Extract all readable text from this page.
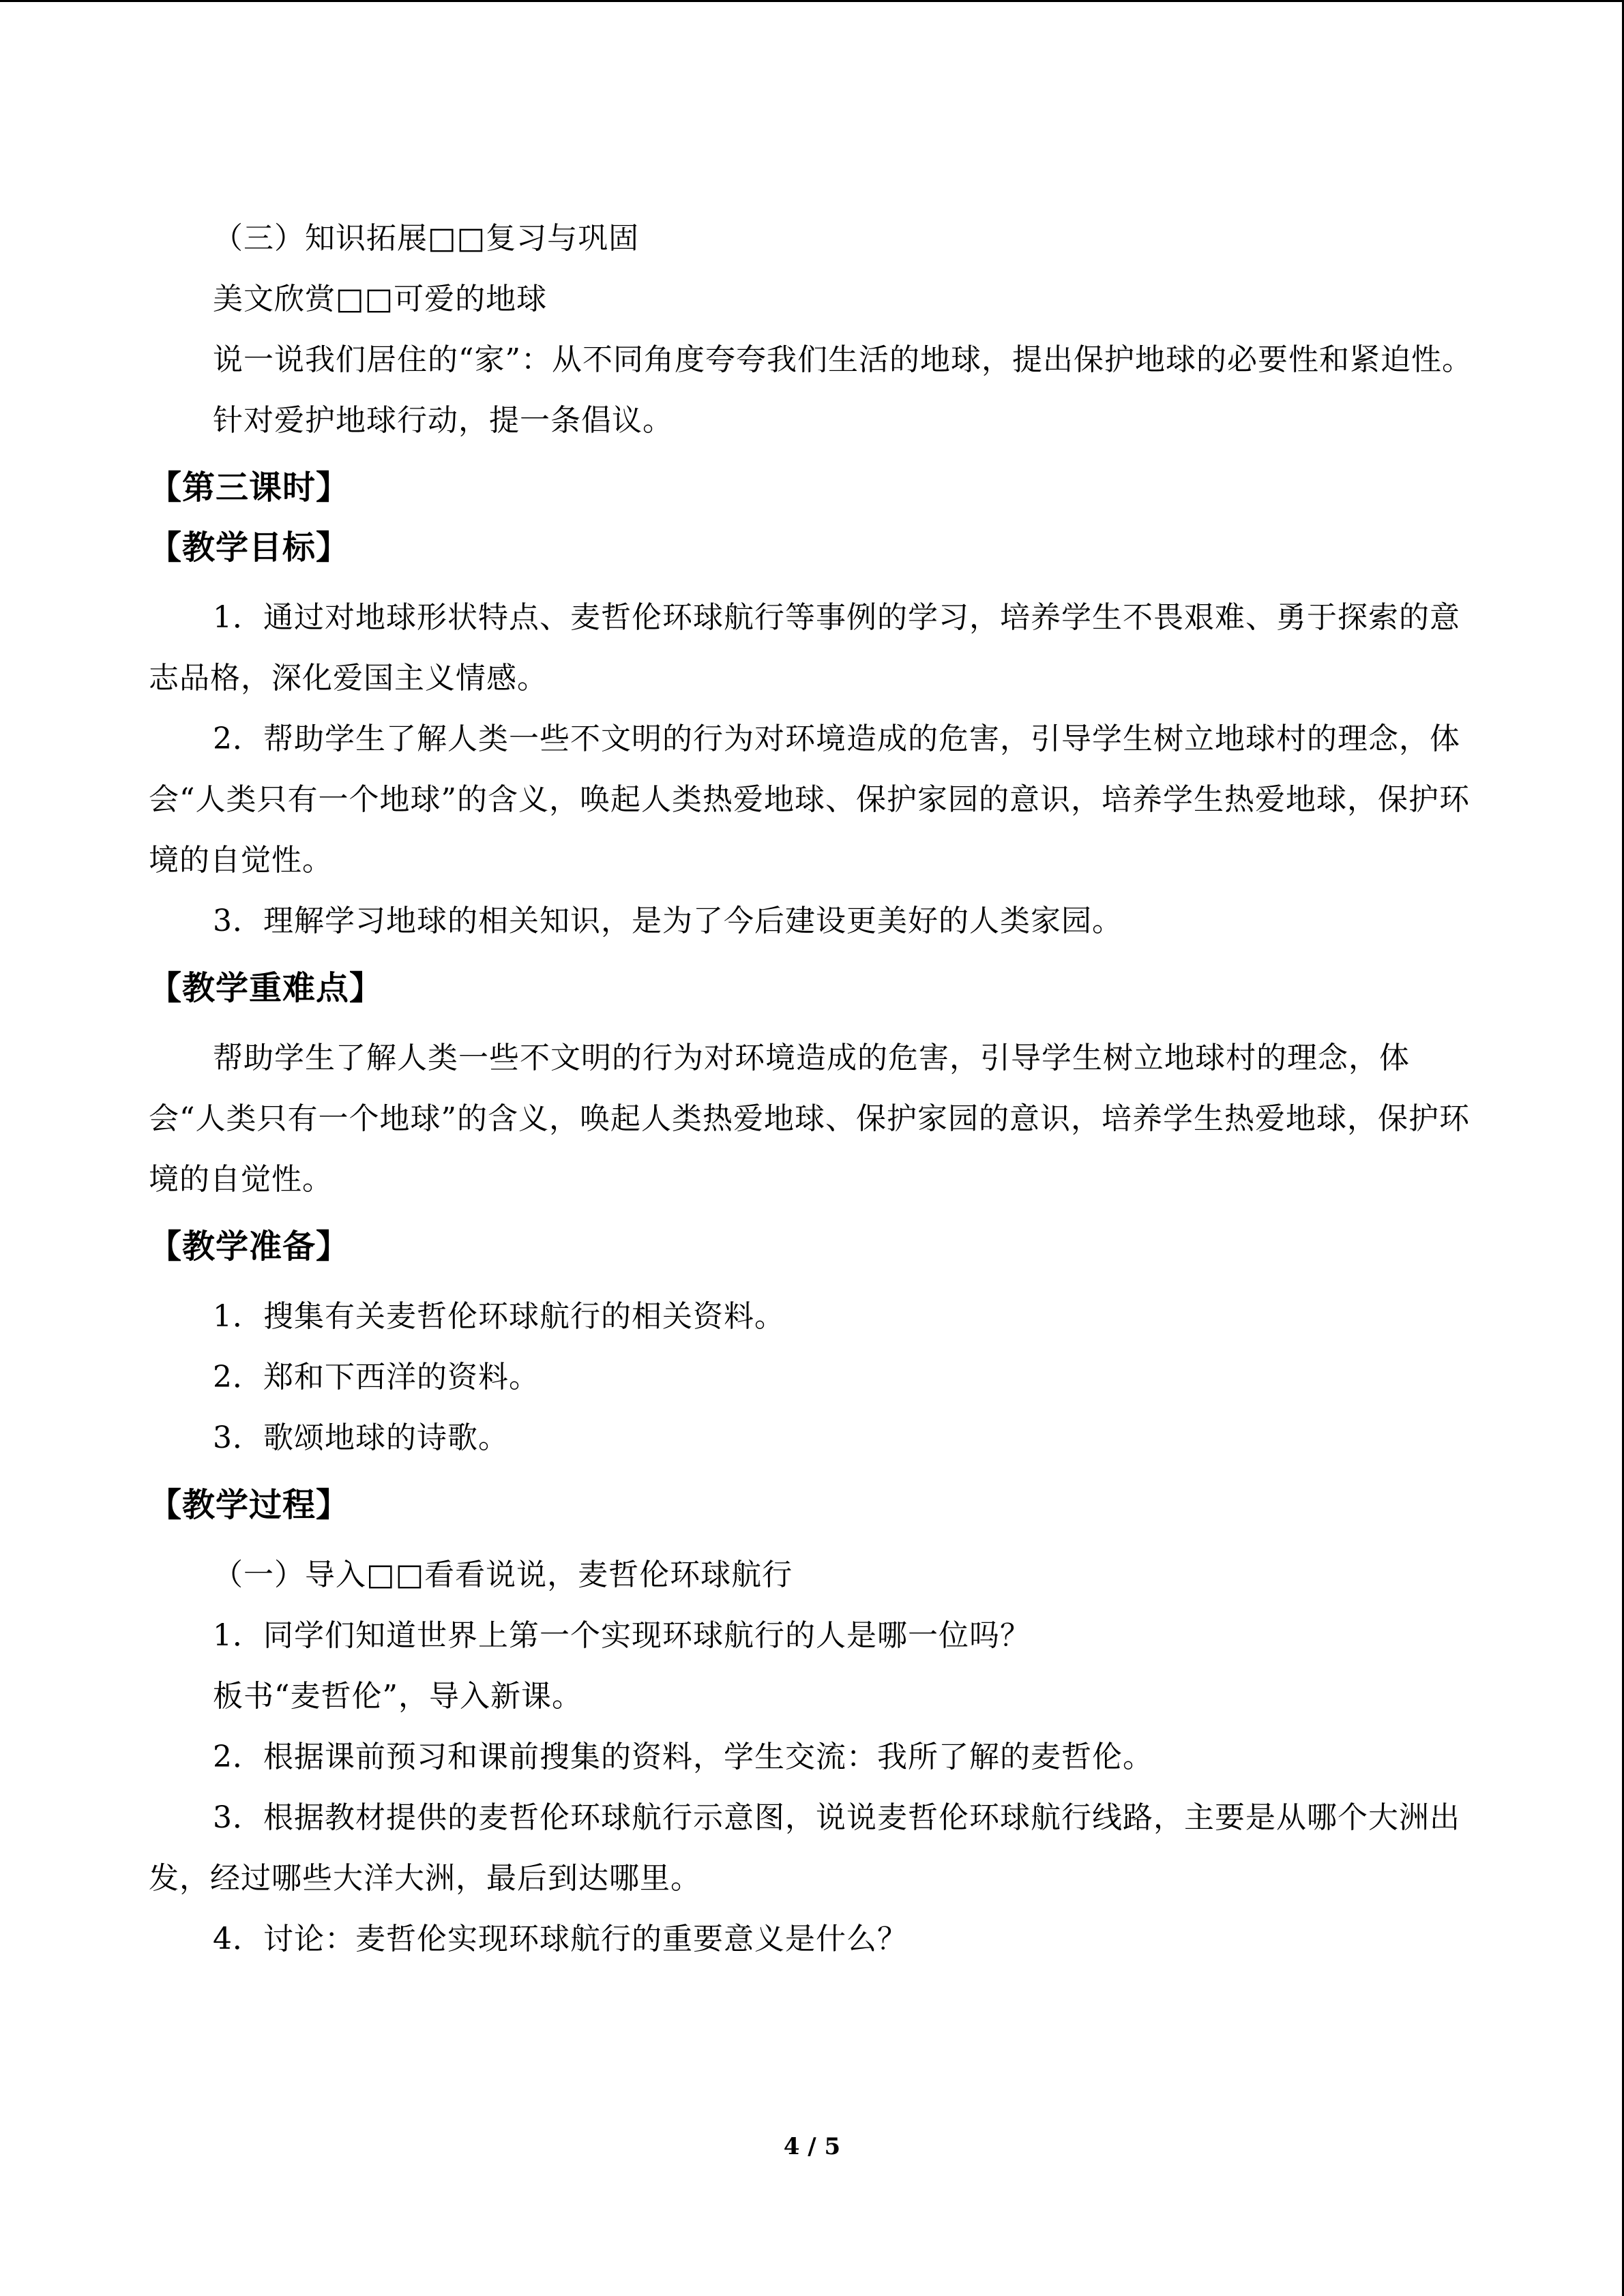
（三）知识拓展□□复习与巩固

美文欣赏□□可爱的地球

说一说我们居住的“家”：从不同角度夸夸我们生活的地球，提出保护地球的必要性和紧迫性。

针对爱护地球行动，提一条倡议。

【第三课时】
【教学目标】

1．通过对地球形状特点、麦哲伦环球航行等事例的学习，培养学生不畏艰难、勇于探索的意志品格，深化爱国主义情感。

2．帮助学生了解人类一些不文明的行为对环境造成的危害，引导学生树立地球村的理念，体会“人类只有一个地球”的含义，唤起人类热爱地球、保护家园的意识，培养学生热爱地球，保护环境的自觉性。

3．理解学习地球的相关知识，是为了今后建设更美好的人类家园。

【教学重难点】

帮助学生了解人类一些不文明的行为对环境造成的危害，引导学生树立地球村的理念，体会“人类只有一个地球”的含义，唤起人类热爱地球、保护家园的意识，培养学生热爱地球，保护环境的自觉性。

【教学准备】

1．搜集有关麦哲伦环球航行的相关资料。

2．郑和下西洋的资料。

3．歌颂地球的诗歌。

【教学过程】

（一）导入□□看看说说，麦哲伦环球航行

1．同学们知道世界上第一个实现环球航行的人是哪一位吗？

板书“麦哲伦”，导入新课。

2．根据课前预习和课前搜集的资料，学生交流：我所了解的麦哲伦。

3．根据教材提供的麦哲伦环球航行示意图，说说麦哲伦环球航行线路，主要是从哪个大洲出发，经过哪些大洋大洲，最后到达哪里。

4．讨论：麦哲伦实现环球航行的重要意义是什么？

4 / 5
